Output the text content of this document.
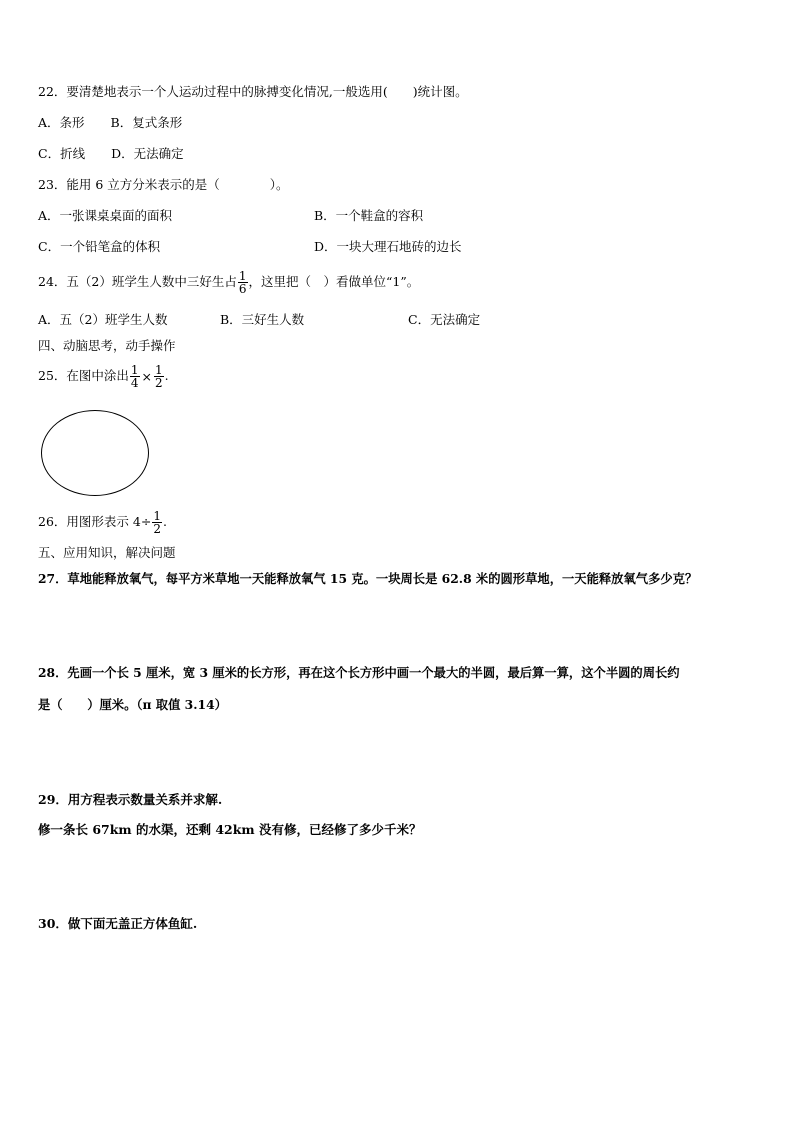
22．要清楚地表示一个人运动过程中的脉搏变化情况,一般选用(　　)统计图。
A．条形 B．复式条形
C．折线 D．无法确定
23．能用 6 立方分米表示的是（　　　　）。
A．一张课桌桌面的面积	B．一个鞋盒的容积
C．一个铅笔盒的体积	D．一块大理石地砖的边长
24．五（2）班学生人数中三好生占 $\frac{1}{6}$ ，这里把（　）看做单位“1”。
A．五（2）班学生人数	B．三好生人数	C．无法确定
四、动脑思考，动手操作
25．在图中涂出 $\frac{1}{4} \times \frac{1}{2}$ .
26．用图形表示 $4\div \frac{1}{2}$ .
五、应用知识，解决问题
27．草地能释放氧气，每平方米草地一天能释放氧气 15 克。一块周长是 62.8 米的圆形草地，一天能释放氧气多少克？
28．先画一个长 5 厘米，宽 3 厘米的长方形，再在这个长方形中画一个最大的半圆，最后算一算，这个半圆的周长约
是（　　）厘米。（π 取值 3.14）
29．用方程表示数量关系并求解.
修一条长 67km 的水渠，还剩 42km 没有修，已经修了多少千米？
30．做下面无盖正方体鱼缸.
